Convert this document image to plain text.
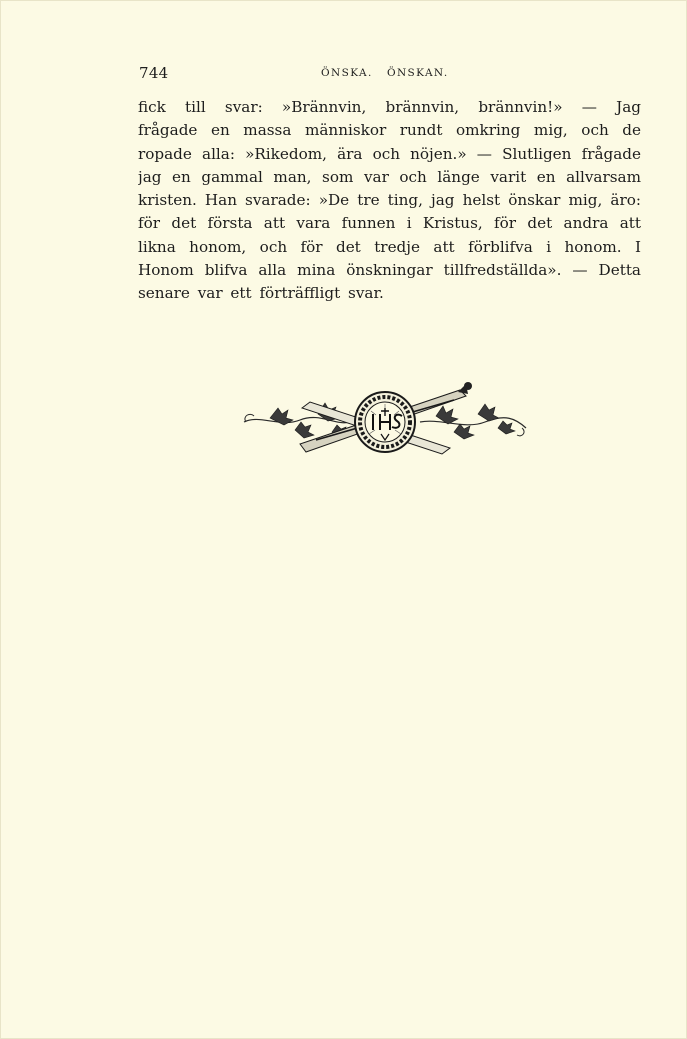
744	ÖNSKA.   ÖNSKAN.
fick till svar: »Brännvin, brännvin, brännvin!» — Jag
frågade en massa människor rundt omkring mig, och de
ropade alla: »Rikedom, ära och nöjen.» — Slutligen frågade
jag en gammal man, som var och länge varit en allvarsam
kristen. Han svarade: »De tre ting, jag helst önskar mig, äro:
för det första att vara funnen i Kristus, för det andra att
likna honom, och för det tredje att förblifva i honom. I
Honom blifva alla mina önskningar tillfredställda». — Detta
senare var ett förträffligt svar.
